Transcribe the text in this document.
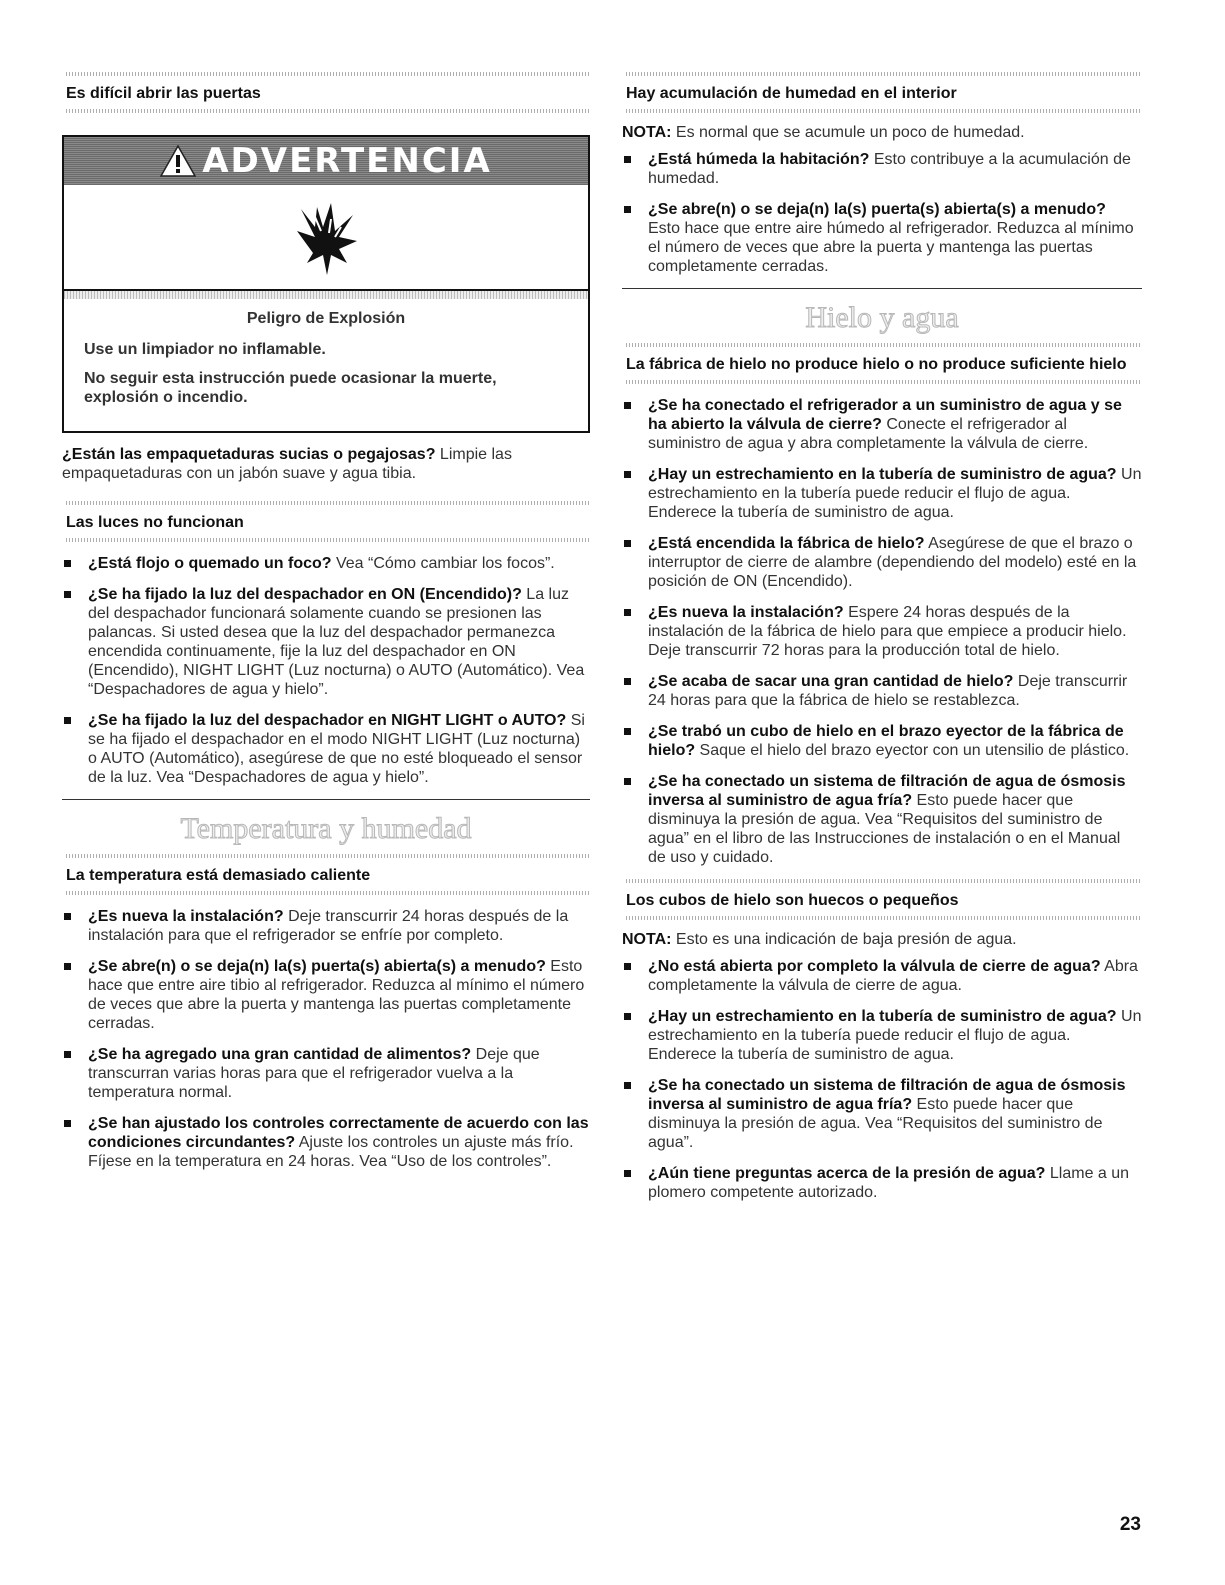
Es difícil abrir las puertas
ADVERTENCIA
Peligro de Explosión
Use un limpiador no inflamable.
No seguir esta instrucción puede ocasionar la muerte, explosión o incendio.

¿Están las empaquetaduras sucias o pegajosas? Limpie las empaquetaduras con un jabón suave y agua tibia.

Las luces no funcionan
¿Está flojo o quemado un foco? Vea “Cómo cambiar los focos”.
¿Se ha fijado la luz del despachador en ON (Encendido)? La luz del despachador funcionará solamente cuando se presionen las palancas. Si usted desea que la luz del despachador permanezca encendida continuamente, fije la luz del despachador en ON (Encendido), NIGHT LIGHT (Luz nocturna) o AUTO (Automático). Vea “Despachadores de agua y hielo”.
¿Se ha fijado la luz del despachador en NIGHT LIGHT o AUTO? Si se ha fijado el despachador en el modo NIGHT LIGHT (Luz nocturna) o AUTO (Automático), asegúrese de que no esté bloqueado el sensor de la luz. Vea “Despachadores de agua y hielo”.
Temperatura y humedad
La temperatura está demasiado caliente
¿Es nueva la instalación? Deje transcurrir 24 horas después de la instalación para que el refrigerador se enfríe por completo.
¿Se abre(n) o se deja(n) la(s) puerta(s) abierta(s) a menudo? Esto hace que entre aire tibio al refrigerador. Reduzca al mínimo el número de veces que abre la puerta y mantenga las puertas completamente cerradas.
¿Se ha agregado una gran cantidad de alimentos? Deje que transcurran varias horas para que el refrigerador vuelva a la temperatura normal.
¿Se han ajustado los controles correctamente de acuerdo con las condiciones circundantes? Ajuste los controles un ajuste más frío. Fíjese en la temperatura en 24 horas. Vea “Uso de los controles”.
Hay acumulación de humedad en el interior

NOTA: Es normal que se acumule un poco de humedad.

¿Está húmeda la habitación? Esto contribuye a la acumulación de humedad.
¿Se abre(n) o se deja(n) la(s) puerta(s) abierta(s) a menudo? Esto hace que entre aire húmedo al refrigerador. Reduzca al mínimo el número de veces que abre la puerta y mantenga las puertas completamente cerradas.
Hielo y agua
La fábrica de hielo no produce hielo o no produce suficiente hielo
¿Se ha conectado el refrigerador a un suministro de agua y se ha abierto la válvula de cierre? Conecte el refrigerador al suministro de agua y abra completamente la válvula de cierre.
¿Hay un estrechamiento en la tubería de suministro de agua? Un estrechamiento en la tubería puede reducir el flujo de agua. Enderece la tubería de suministro de agua.
¿Está encendida la fábrica de hielo? Asegúrese de que el brazo o interruptor de cierre de alambre (dependiendo del modelo) esté en la posición de ON (Encendido).
¿Es nueva la instalación? Espere 24 horas después de la instalación de la fábrica de hielo para que empiece a producir hielo. Deje transcurrir 72 horas para la producción total de hielo.
¿Se acaba de sacar una gran cantidad de hielo? Deje transcurrir 24 horas para que la fábrica de hielo se restablezca.
¿Se trabó un cubo de hielo en el brazo eyector de la fábrica de hielo? Saque el hielo del brazo eyector con un utensilio de plástico.
¿Se ha conectado un sistema de filtración de agua de ósmosis inversa al suministro de agua fría? Esto puede hacer que disminuya la presión de agua. Vea “Requisitos del suministro de agua” en el libro de las Instrucciones de instalación o en el Manual de uso y cuidado.
Los cubos de hielo son huecos o pequeños

NOTA: Esto es una indicación de baja presión de agua.

¿No está abierta por completo la válvula de cierre de agua? Abra completamente la válvula de cierre de agua.
¿Hay un estrechamiento en la tubería de suministro de agua? Un estrechamiento en la tubería puede reducir el flujo de agua. Enderece la tubería de suministro de agua.
¿Se ha conectado un sistema de filtración de agua de ósmosis inversa al suministro de agua fría? Esto puede hacer que disminuya la presión de agua. Vea “Requisitos del suministro de agua”.
¿Aún tiene preguntas acerca de la presión de agua? Llame a un plomero competente autorizado.
23
